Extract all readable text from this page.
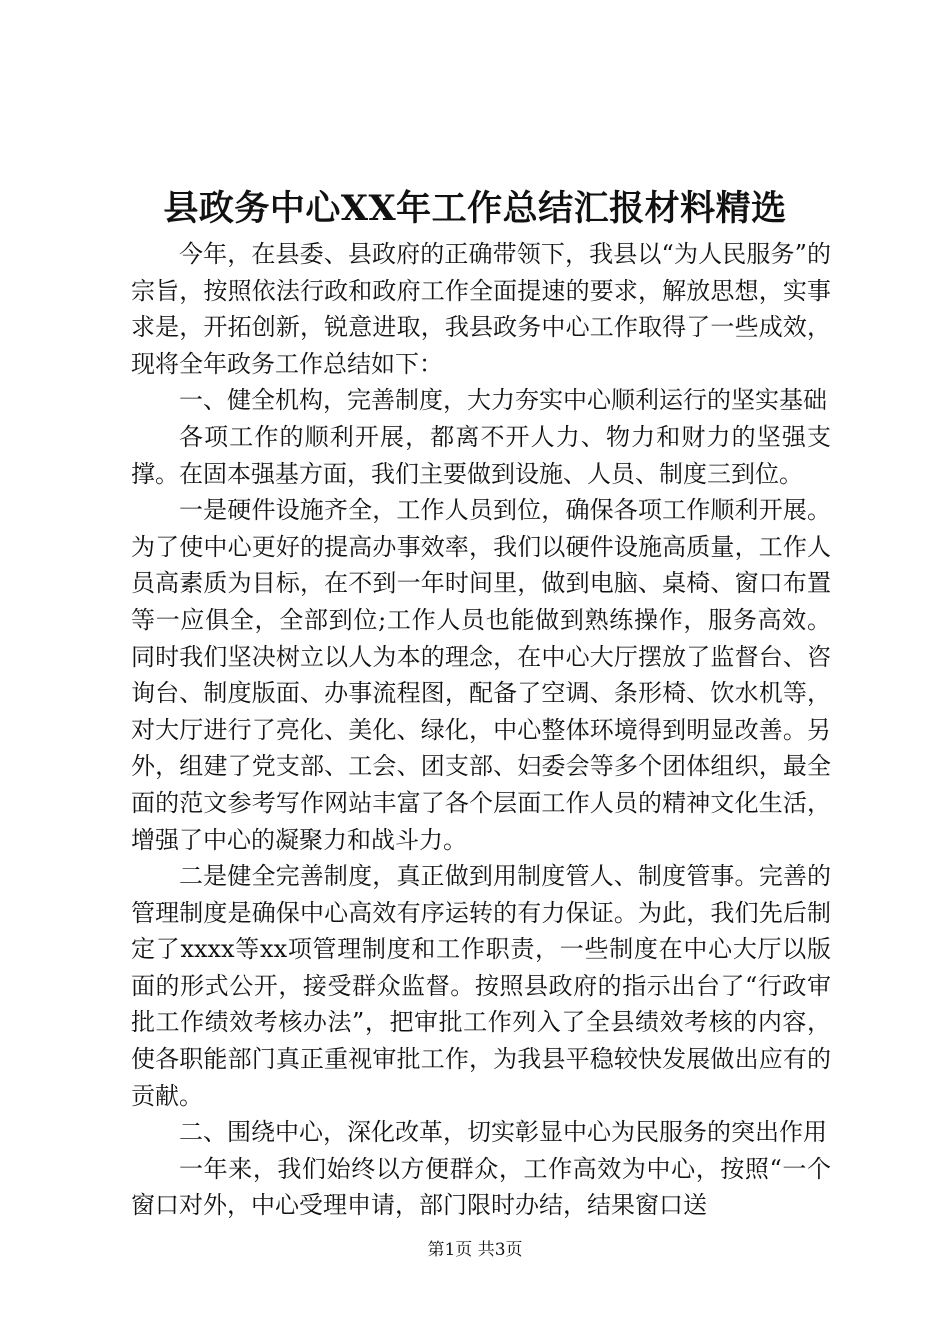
县政务中心XX年工作总结汇报材料精选

今年，在县委、县政府的正确带领下，我县以“为人民服务”的宗旨，按照依法行政和政府工作全面提速的要求，解放思想，实事求是，开拓创新，锐意进取，我县政务中心工作取得了一些成效，现将全年政务工作总结如下：

一、健全机构，完善制度，大力夯实中心顺利运行的坚实基础

各项工作的顺利开展，都离不开人力、物力和财力的坚强支撑。在固本强基方面，我们主要做到设施、人员、制度三到位。

一是硬件设施齐全，工作人员到位，确保各项工作顺利开展。为了使中心更好的提高办事效率，我们以硬件设施高质量，工作人员高素质为目标，在不到一年时间里，做到电脑、桌椅、窗口布置等一应俱全，全部到位;工作人员也能做到熟练操作，服务高效。同时我们坚决树立以人为本的理念，在中心大厅摆放了监督台、咨询台、制度版面、办事流程图，配备了空调、条形椅、饮水机等，对大厅进行了亮化、美化、绿化，中心整体环境得到明显改善。另外，组建了党支部、工会、团支部、妇委会等多个团体组织，最全面的范文参考写作网站丰富了各个层面工作人员的精神文化生活，增强了中心的凝聚力和战斗力。

二是健全完善制度，真正做到用制度管人、制度管事。完善的管理制度是确保中心高效有序运转的有力保证。为此，我们先后制定了xxxx等xx项管理制度和工作职责，一些制度在中心大厅以版面的形式公开，接受群众监督。按照县政府的指示出台了“行政审批工作绩效考核办法”，把审批工作列入了全县绩效考核的内容，使各职能部门真正重视审批工作，为我县平稳较快发展做出应有的贡献。

二、围绕中心，深化改革，切实彰显中心为民服务的突出作用

一年来，我们始终以方便群众，工作高效为中心，按照“一个窗口对外，中心受理申请，部门限时办结，结果窗口送

第1页 共3页
